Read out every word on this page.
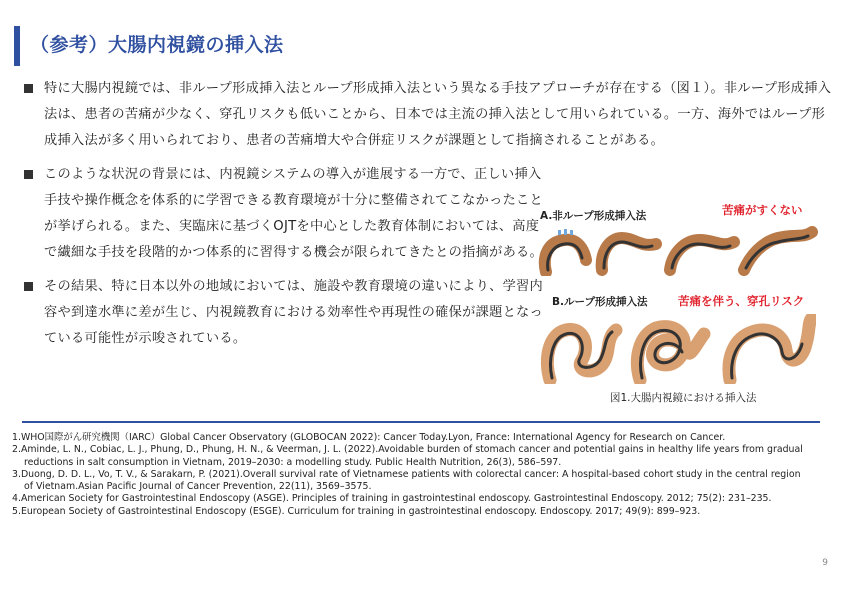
（参考）大腸内視鏡の挿入法
特に大腸内視鏡では、非ループ形成挿入法とループ形成挿入法という異なる手技アプローチが存在する（図１）。非ループ形成挿入法は、患者の苦痛が少なく、穿孔リスクも低いことから、日本では主流の挿入法として用いられている。一方、海外ではループ形成挿入法が多く用いられており、患者の苦痛増大や合併症リスクが課題として指摘されることがある。
このような状況の背景には、内視鏡システムの導入が進展する一方で、正しい挿入手技や操作概念を体系的に学習できる教育環境が十分に整備されてこなかったことが挙げられる。また、実臨床に基づくOJTを中心とした教育体制においては、高度で繊細な手技を段階的かつ体系的に習得する機会が限られてきたとの指摘がある。
その結果、特に日本以外の地域においては、施設や教育環境の違いにより、学習内容や到達水準に差が生じ、内視鏡教育における効率性や再現性の確保が課題となっている可能性が示唆されている。
A.非ループ形成挿入法	苦痛がすくない
B.ループ形成挿入法	苦痛を伴う、穿孔リスク
図1.大腸内視鏡における挿入法
1.WHO国際がん研究機関（IARC）Global Cancer Observatory (GLOBOCAN 2022): Cancer Today.Lyon, France: International Agency for Research on Cancer.
2.Aminde, L. N., Cobiac, L. J., Phung, D., Phung, H. N., & Veerman, J. L. (2022).Avoidable burden of stomach cancer and potential gains in healthy life years from gradual reductions in salt consumption in Vietnam, 2019–2030: a modelling study. Public Health Nutrition, 26(3), 586–597.
3.Duong, D. D. L., Vo, T. V., & Sarakarn, P. (2021).Overall survival rate of Vietnamese patients with colorectal cancer: A hospital-based cohort study in the central region of Vietnam.Asian Pacific Journal of Cancer Prevention, 22(11), 3569–3575.
4.American Society for Gastrointestinal Endoscopy (ASGE). Principles of training in gastrointestinal endoscopy. Gastrointestinal Endoscopy. 2012; 75(2): 231–235.
5.European Society of Gastrointestinal Endoscopy (ESGE). Curriculum for training in gastrointestinal endoscopy. Endoscopy. 2017; 49(9): 899–923.
9
